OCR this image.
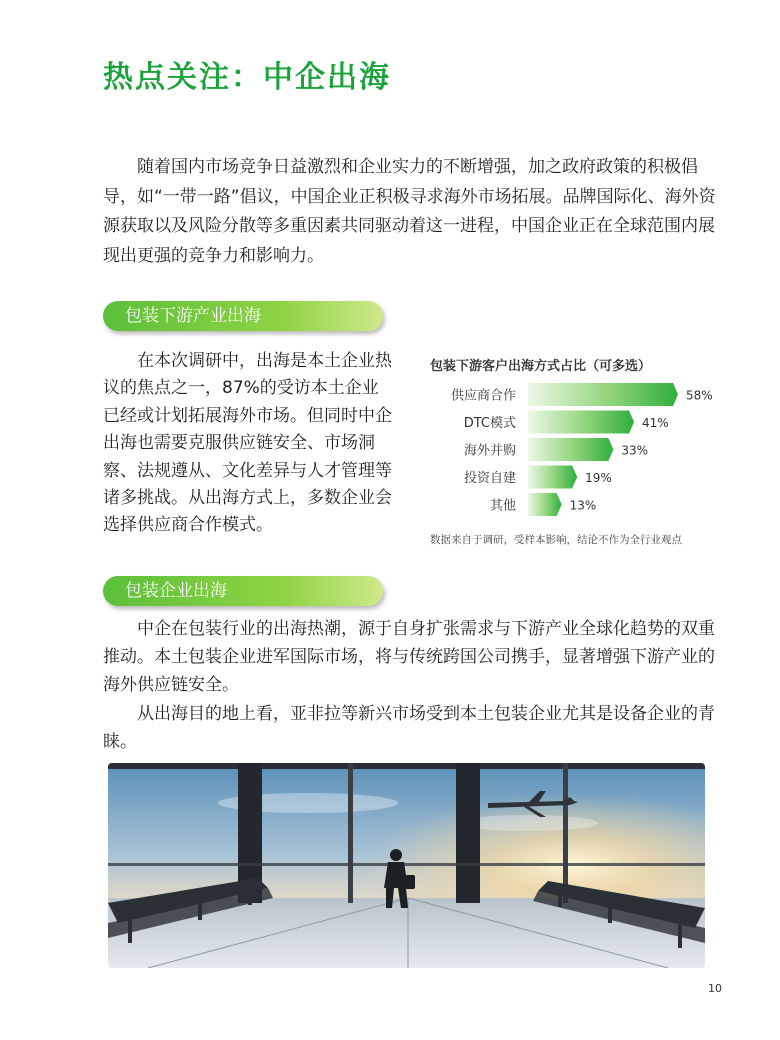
热点关注：中企出海

随着国内市场竞争日益激烈和企业实力的不断增强，加之政府政策的积极倡导，如“一带一路”倡议，中国企业正积极寻求海外市场拓展。品牌国际化、海外资源获取以及风险分散等多重因素共同驱动着这一进程，中国企业正在全球范围内展现出更强的竞争力和影响力。

包装下游产业出海

在本次调研中，出海是本土企业热议的焦点之一，87%的受访本土企业已经或计划拓展海外市场。但同时中企出海也需要克服供应链安全、市场洞察、法规遵从、文化差异与人才管理等诸多挑战。从出海方式上，多数企业会选择供应商合作模式。

供应商合作	58%
DTC模式	41%
海外并购	33%
投资自建	19%
其他	13%
包装下游客户出海方式占比（可多选）
数据来自于调研，受样本影响，结论不作为全行业观点
包装企业出海

中企在包装行业的出海热潮，源于自身扩张需求与下游产业全球化趋势的双重推动。本土包装企业进军国际市场，将与传统跨国公司携手，显著增强下游产业的海外供应链安全。

从出海目的地上看，亚非拉等新兴市场受到本土包装企业尤其是设备企业的青睐。

10
